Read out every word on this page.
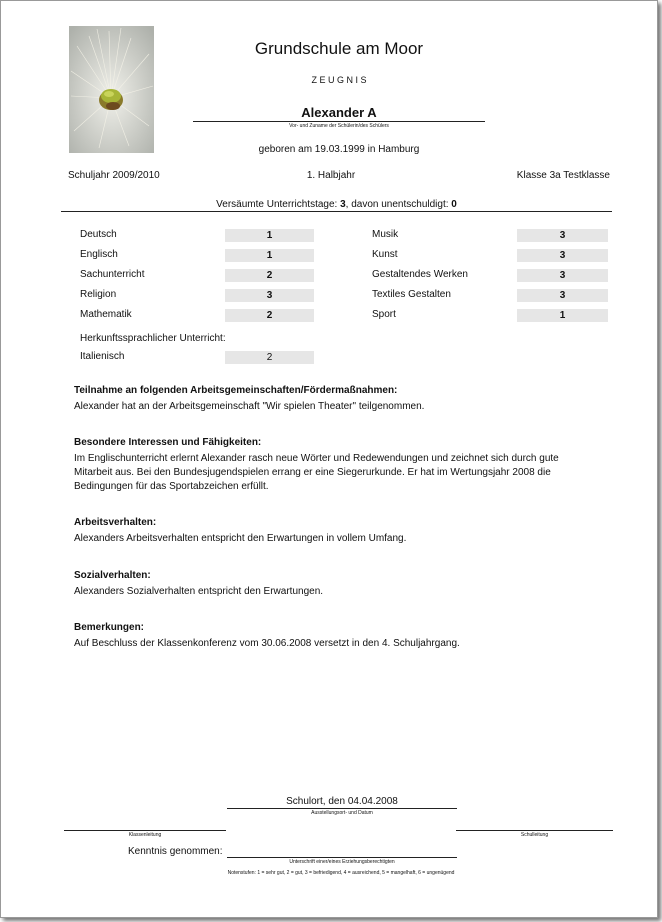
Grundschule am Moor
Z E U G N I S
Alexander A
Vor- und Zuname der Schülerin/des Schülers
geboren am 19.03.1999 in Hamburg
Schuljahr 2009/2010	1. Halbjahr	Klasse 3a Testklasse
Versäumte Unterrichtstage: 3, davon unentschuldigt: 0
Deutsch	1
Englisch	1
Sachunterricht	2
Religion	3
Mathematik	2
Musik	3
Kunst	3
Gestaltendes Werken	3
Textiles Gestalten	3
Sport	1
Herkunftssprachlicher Unterricht:
Italienisch	2
Teilnahme an folgenden Arbeitsgemeinschaften/Fördermaßnahmen:
Alexander hat an der Arbeitsgemeinschaft "Wir spielen Theater" teilgenommen.
Besondere Interessen und Fähigkeiten:
Im Englischunterricht erlernt Alexander rasch neue Wörter und Redewendungen und zeichnet sich durch gute Mitarbeit aus. Bei den Bundesjugendspielen errang er eine Siegerurkunde. Er hat im Wertungsjahr 2008 die Bedingungen für das Sportabzeichen erfüllt.
Arbeitsverhalten:
Alexanders Arbeitsverhalten entspricht den Erwartungen in vollem Umfang.
Sozialverhalten:
Alexanders Sozialverhalten entspricht den Erwartungen.
Bemerkungen:
Auf Beschluss der Klassenkonferenz vom 30.06.2008 versetzt in den 4. Schuljahrgang.
Schulort, den 04.04.2008
Ausstellungsort- und Datum
Klassenleitung	Schulleitung
Kenntnis genommen:
Unterschrift einer/eines Erziehungsberechtigten
Notenstufen: 1 = sehr gut, 2 = gut, 3 = befriedigend, 4 = ausreichend, 5 = mangelhaft, 6 = ungenügend
